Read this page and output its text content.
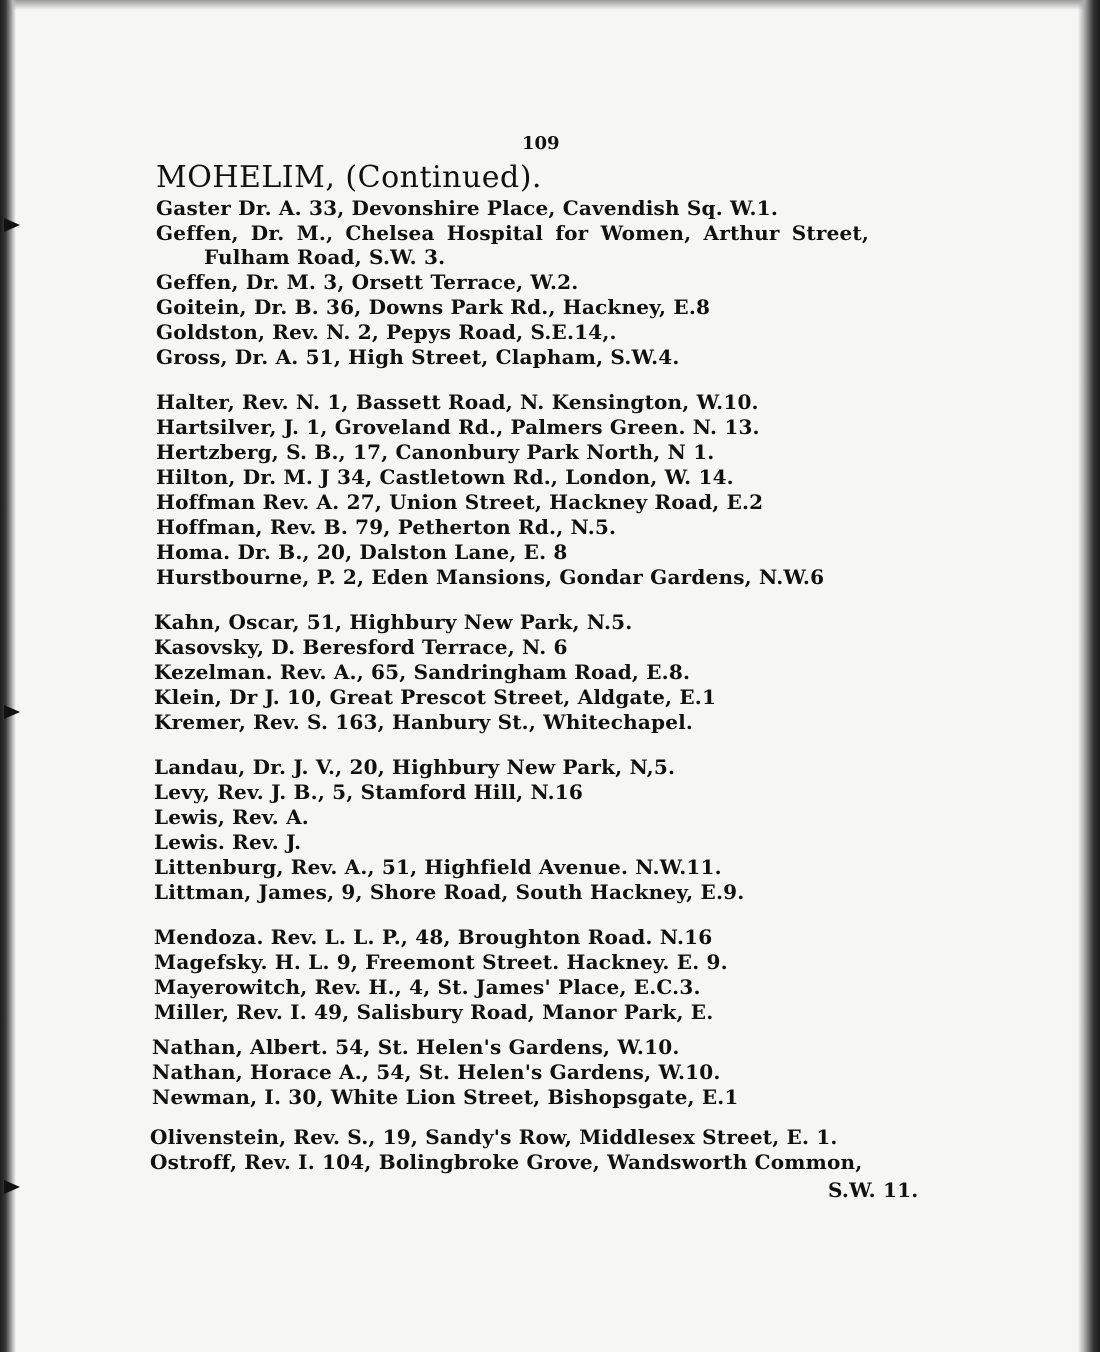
109
MOHELIM, (Continued).
Gaster Dr. A. 33, Devonshire Place, Cavendish Sq. W.1.
Geffen, Dr. M., Chelsea Hospital for Women, Arthur Street,
Fulham Road, S.W. 3.
Geffen, Dr. M. 3, Orsett Terrace, W.2.
Goitein, Dr. B. 36, Downs Park Rd., Hackney, E.8
Goldston, Rev. N. 2, Pepys Road, S.E.14,.
Gross, Dr. A. 51, High Street, Clapham, S.W.4.
Halter, Rev. N. 1, Bassett Road, N. Kensington, W.10.
Hartsilver, J. 1, Groveland Rd., Palmers Green. N. 13.
Hertzberg, S. B., 17, Canonbury Park North, N 1.
Hilton, Dr. M. J 34, Castletown Rd., London, W. 14.
Hoffman Rev. A. 27, Union Street, Hackney Road, E.2
Hoffman, Rev. B. 79, Petherton Rd., N.5.
Homa. Dr. B., 20, Dalston Lane, E. 8
Hurstbourne, P. 2, Eden Mansions, Gondar Gardens, N.W.6
Kahn, Oscar, 51, Highbury New Park, N.5.
Kasovsky, D. Beresford Terrace, N. 6
Kezelman. Rev. A., 65, Sandringham Road, E.8.
Klein, Dr J. 10, Great Prescot Street, Aldgate, E.1
Kremer, Rev. S. 163, Hanbury St., Whitechapel.
Landau, Dr. J. V., 20, Highbury New Park, N,5.
Levy, Rev. J. B., 5, Stamford Hill, N.16
Lewis, Rev. A.
Lewis. Rev. J.
Littenburg, Rev. A., 51, Highfield Avenue. N.W.11.
Littman, James, 9, Shore Road, South Hackney, E.9.
Mendoza. Rev. L. L. P., 48, Broughton Road. N.16
Magefsky. H. L. 9, Freemont Street. Hackney. E. 9.
Mayerowitch, Rev. H., 4, St. James' Place, E.C.3.
Miller, Rev. I. 49, Salisbury Road, Manor Park, E.
Nathan, Albert. 54, St. Helen's Gardens, W.10.
Nathan, Horace A., 54, St. Helen's Gardens, W.10.
Newman, I. 30, White Lion Street, Bishopsgate, E.1
Olivenstein, Rev. S., 19, Sandy's Row, Middlesex Street, E. 1.
Ostroff, Rev. I. 104, Bolingbroke Grove, Wandsworth Common,
S.W. 11.
